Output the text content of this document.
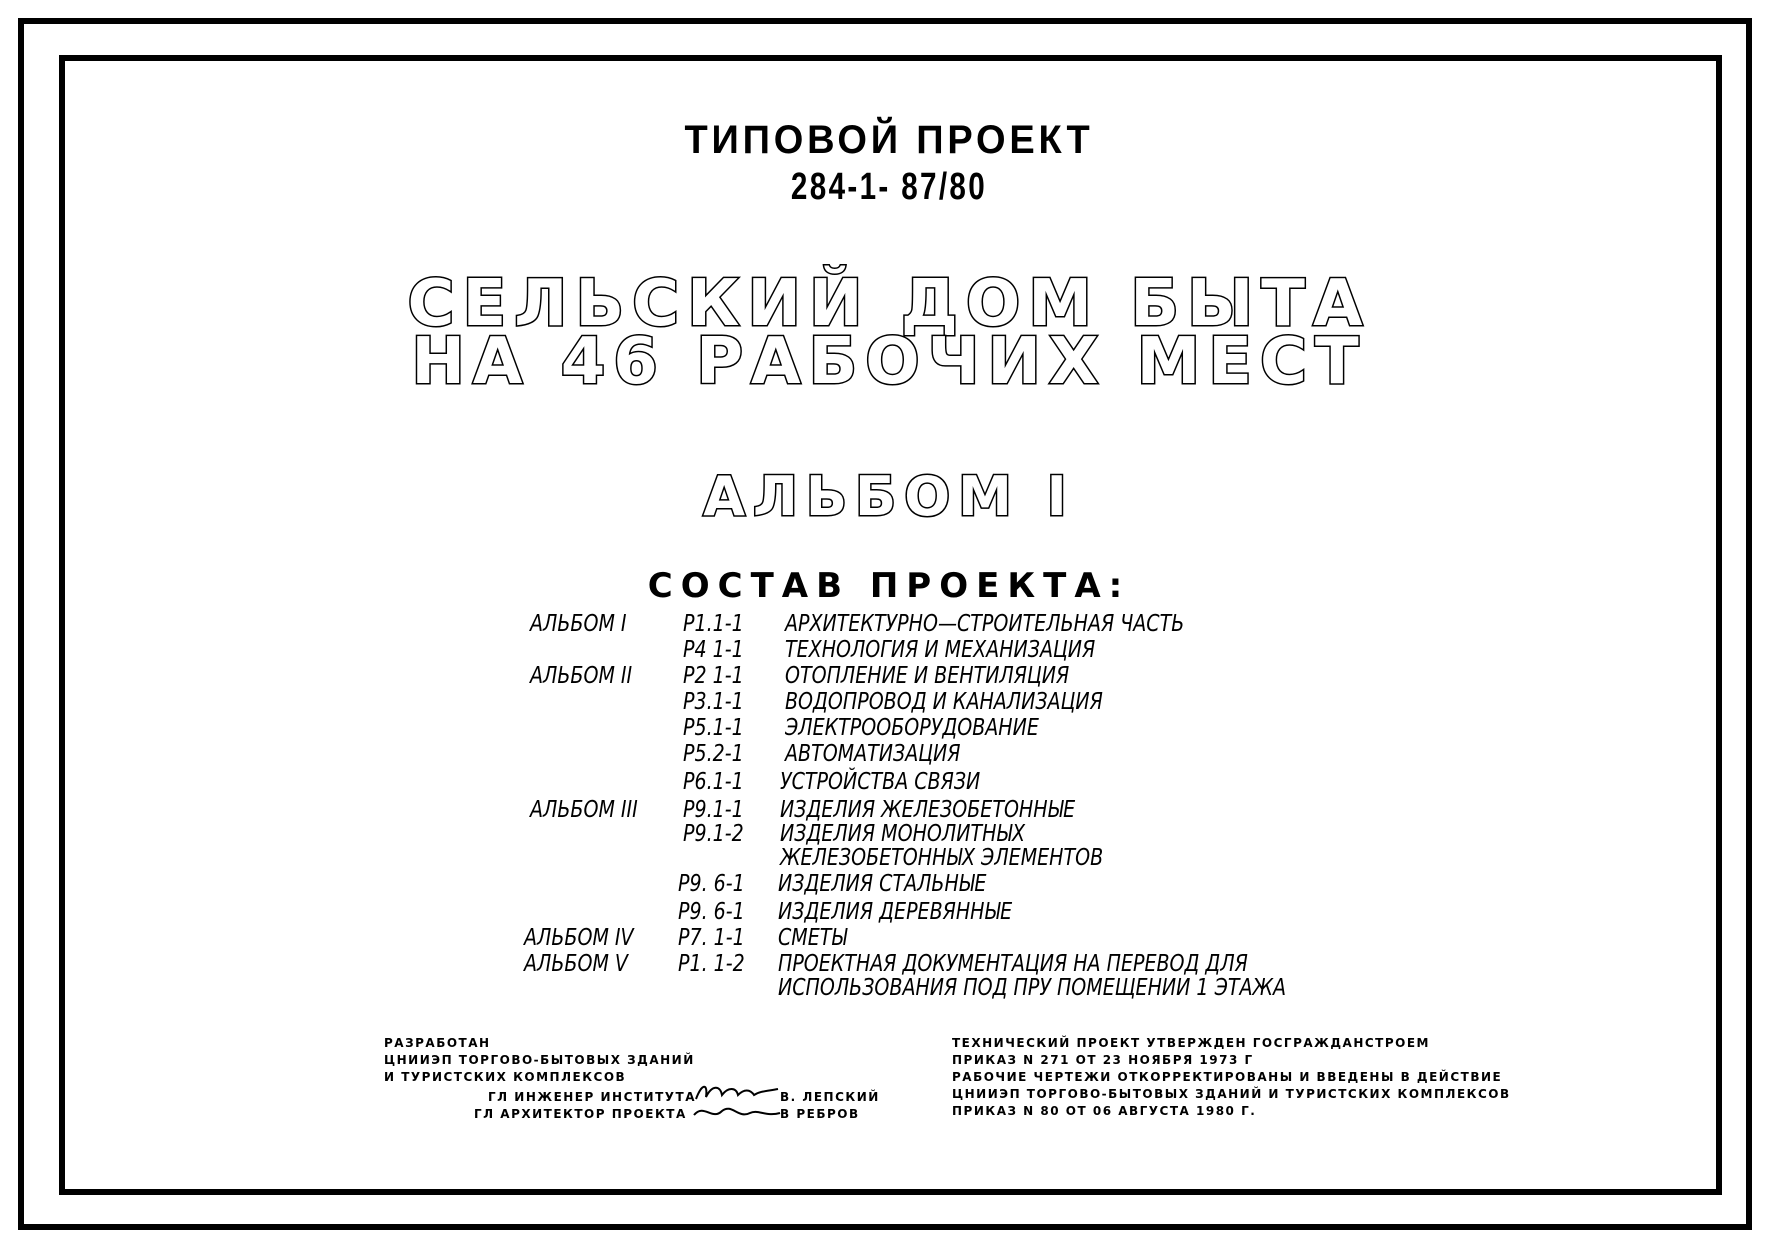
ТИПОВОЙ ПРОЕКТ
284-1- 87/80
СЕЛЬСКИЙ ДОМ БЫТА
НА 46 РАБОЧИХ МЕСТ
АЛЬБОМ I
СОСТАВ ПРОЕКТА:
АЛЬБОМ I Р1.1-1 АРХИТЕКТУРНО—СТРОИТЕЛЬНАЯ ЧАСТЬ
Р4 1-1 ТЕХНОЛОГИЯ И МЕХАНИЗАЦИЯ
АЛЬБОМ II Р2 1-1 ОТОПЛЕНИЕ И ВЕНТИЛЯЦИЯ
Р3.1-1 ВОДОПРОВОД И КАНАЛИЗАЦИЯ
Р5.1-1 ЭЛЕКТРООБОРУДОВАНИЕ
Р5.2-1 АВТОМАТИЗАЦИЯ
Р6.1-1 УСТРОЙСТВА СВЯЗИ
АЛЬБОМ III Р9.1-1 ИЗДЕЛИЯ ЖЕЛЕЗОБЕТОННЫЕ
Р9.1-2 ИЗДЕЛИЯ МОНОЛИТНЫХ
ЖЕЛЕЗОБЕТОННЫХ ЭЛЕМЕНТОВ
Р9. 6-1 ИЗДЕЛИЯ СТАЛЬНЫЕ
Р9. 6-1 ИЗДЕЛИЯ ДЕРЕВЯННЫЕ
АЛЬБОМ IV Р7. 1-1 СМЕТЫ
АЛЬБОМ V Р1. 1-2 ПРОЕКТНАЯ ДОКУМЕНТАЦИЯ НА ПЕРЕВОД ДЛЯ
ИСПОЛЬЗОВАНИЯ ПОД ПРУ ПОМЕЩЕНИИ 1 ЭТАЖА
РАЗРАБОТАН
ЦНИИЭП ТОРГОВО-БЫТОВЫХ ЗДАНИЙ
И ТУРИСТСКИХ КОМПЛЕКСОВ
ГЛ ИНЖЕНЕР ИНСТИТУТА	В. ЛЕПСКИЙ
ГЛ АРХИТЕКТОР ПРОЕКТА	В РЕБРОВ
ТЕХНИЧЕСКИЙ ПРОЕКТ УТВЕРЖДЕН ГОСГРАЖДАНСТРОЕМ
ПРИКАЗ N 271 ОТ 23 НОЯБРЯ 1973 Г
РАБОЧИЕ ЧЕРТЕЖИ ОТКОРРЕКТИРОВАНЫ И ВВЕДЕНЫ В ДЕЙСТВИЕ
ЦНИИЭП ТОРГОВО-БЫТОВЫХ ЗДАНИЙ И ТУРИСТСКИХ КОМПЛЕКСОВ
ПРИКАЗ N 80 ОТ 06 АВГУСТА 1980 Г.
